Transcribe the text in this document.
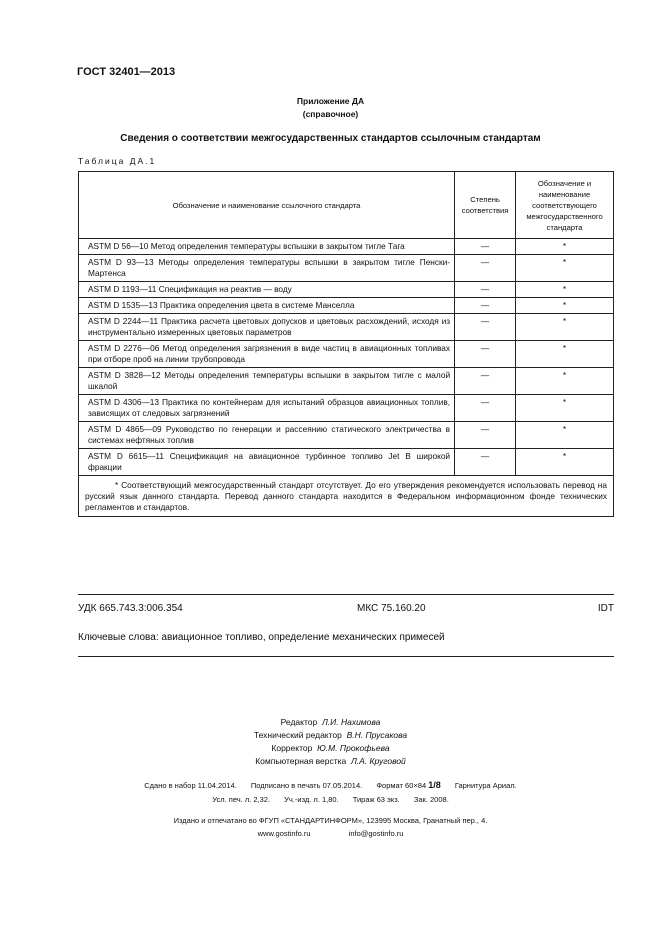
ГОСТ 32401—2013
Приложение ДА
(справочное)
Сведения о соответствии межгосударственных стандартов ссылочным стандартам
Таблица ДА.1
Обозначение и наименование ссылочного стандарта	Степень соответствия	Обозначение и наименование соответствующего межгосударственного стандарта
ASTM D 56—10 Метод определения температуры вспышки в закрытом тигле Тага	—	*
ASTM D 93—13 Методы определения температуры вспышки в закрытом тигле Пенски-Мартенса	—	*
ASTM D 1193—11 Спецификация на реактив — воду	—	*
ASTM D 1535—13 Практика определения цвета в системе Манселла	—	*
ASTM D 2244—11 Практика расчета цветовых допусков и цветовых расхождений, исходя из инструментально измеренных цветовых параметров	—	*
ASTM D 2276—06 Метод определения загрязнения в виде частиц в авиационных топливах при отборе проб на линии трубопровода	—	*
ASTM D 3828—12 Методы определения температуры вспышки в закрытом тигле с малой шкалой	—	*
ASTM D 4306—13 Практика по контейнерам для испытаний образцов авиационных топлив, зависящих от следовых загрязнений	—	*
ASTM D 4865—09 Руководство по генерации и рассеянию статического электричества в системах нефтяных топлив	—	*
ASTM D 6615—11 Спецификация на авиационное турбинное топливо Jet B широкой фракции	—	*
* Соответствующий межгосударственный стандарт отсутствует. До его утверждения рекомендуется использовать перевод на русский язык данного стандарта. Перевод данного стандарта находится в Федеральном информационном фонде технических регламентов и стандартов.		
УДК 665.743.3:006.354	МКС 75.160.20	IDT
Ключевые слова: авиационное топливо, определение механических примесей
Редактор Л.И. Нахимова
Технический редактор В.Н. Прусакова
Корректор Ю.М. Прокофьева
Компьютерная верстка Л.А. Круговой
Сдано в набор 11.04.2014. Подписано в печать 07.05.2014. Формат 60×84 1/8 Гарнитура Ариал.
Усл. печ. л. 2,32. Уч.-изд. л. 1,80. Тираж 63 экз. Зак. 2008.
Издано и отпечатано во ФГУП «СТАНДАРТИНФОРМ», 123995 Москва, Гранатный пер., 4.
www.gostinfo.ru	info@gostinfo.ru
